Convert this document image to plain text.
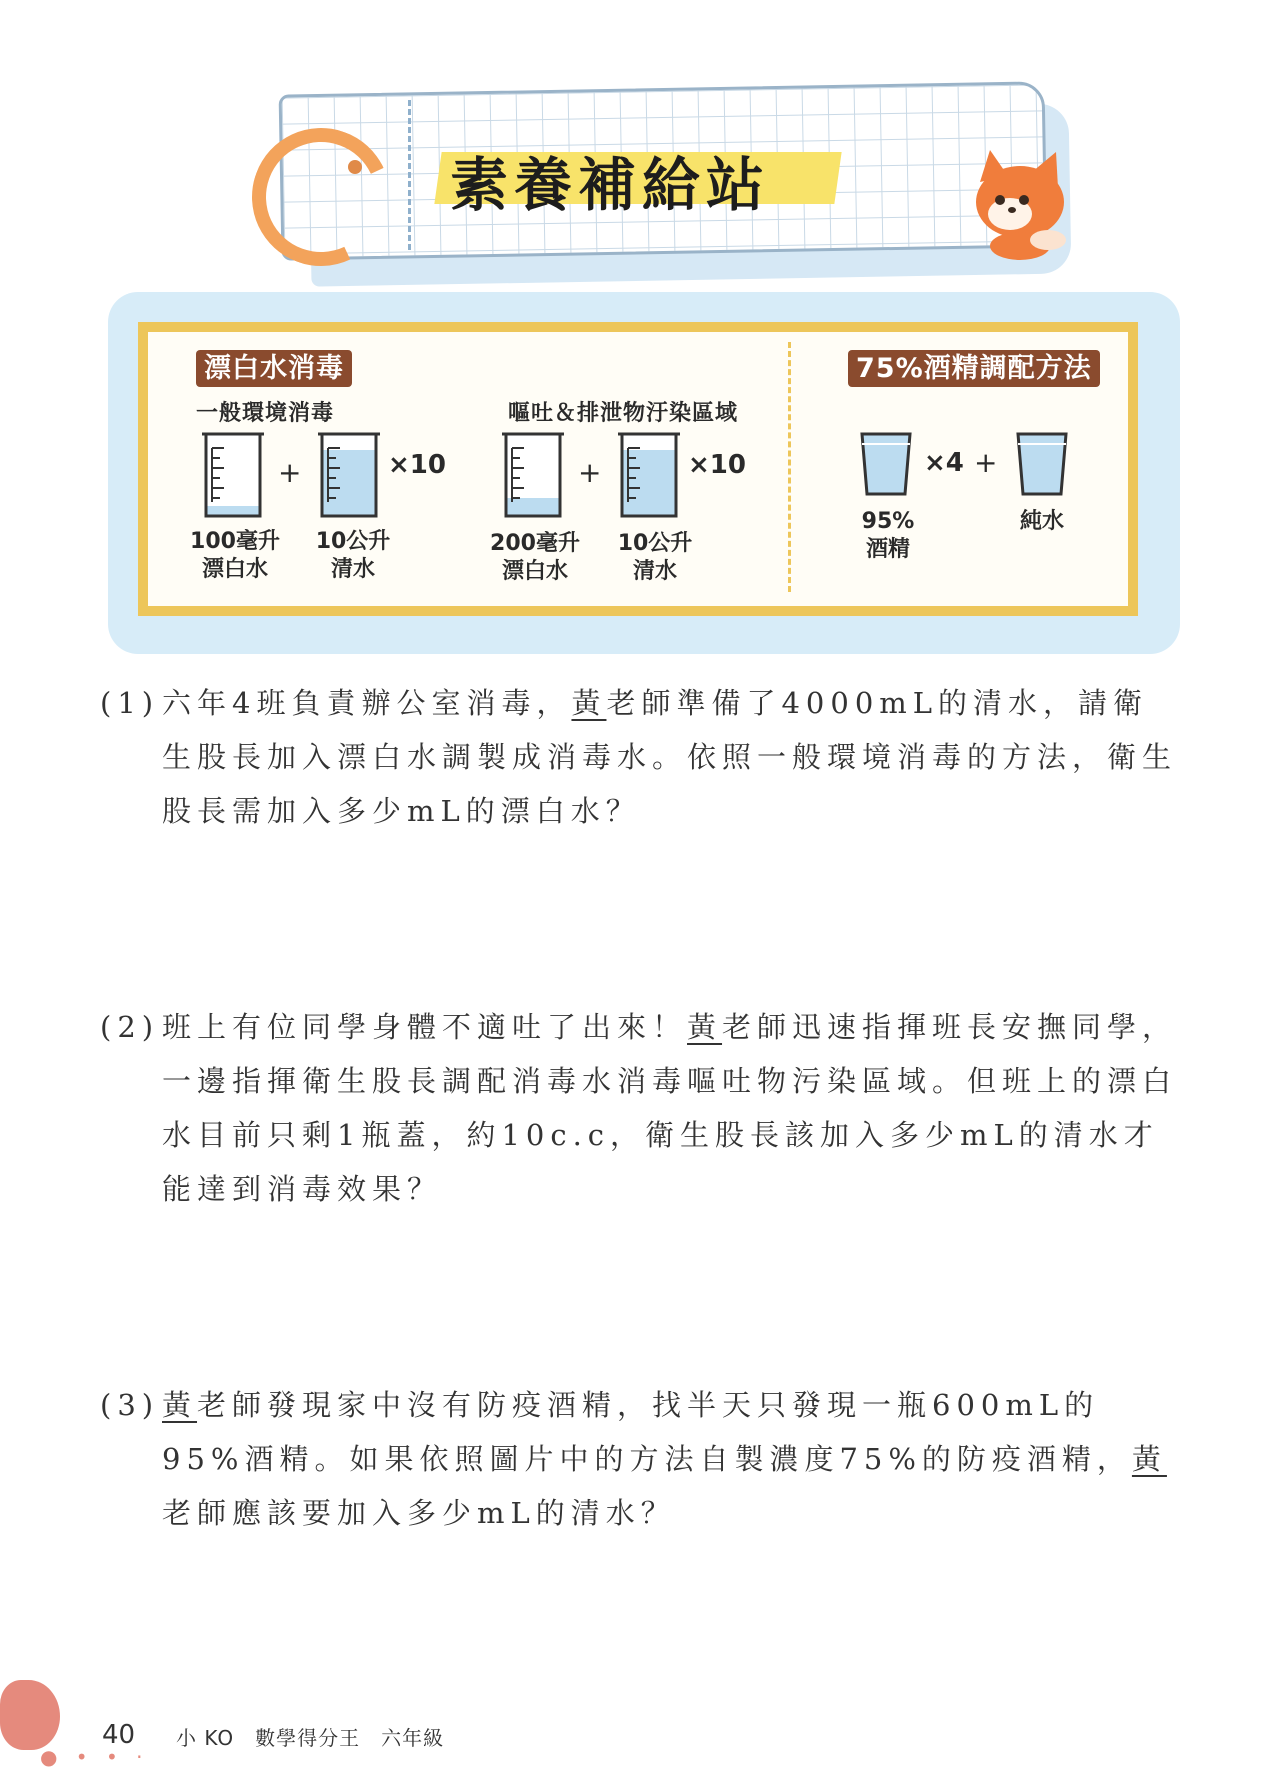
素養補給站
漂白水消毒
一般環境消毒	嘔吐＆排泄物汙染區域
+	×10
100毫升
漂白水
10公升
清水
+	×10
200毫升
漂白水
10公升
清水
75%酒精調配方法
×4 +
95%
酒精
純水
(1) 六年4班負責辦公室消毒，黃老師準備了4000mL的清水，請衛生股長加入漂白水調製成消毒水。依照一般環境消毒的方法，衛生股長需加入多少mL的漂白水？
(2) 班上有位同學身體不適吐了出來！黃老師迅速指揮班長安撫同學，一邊指揮衛生股長調配消毒水消毒嘔吐物污染區域。但班上的漂白水目前只剩1瓶蓋，約10c.c，衛生股長該加入多少mL的清水才能達到消毒效果？
(3) 黃老師發現家中沒有防疫酒精，找半天只發現一瓶600mL的95%酒精。如果依照圖片中的方法自製濃度75%的防疫酒精，黃老師應該要加入多少mL的清水？
● • • ·
40 小 KO　數學得分王　六年級
